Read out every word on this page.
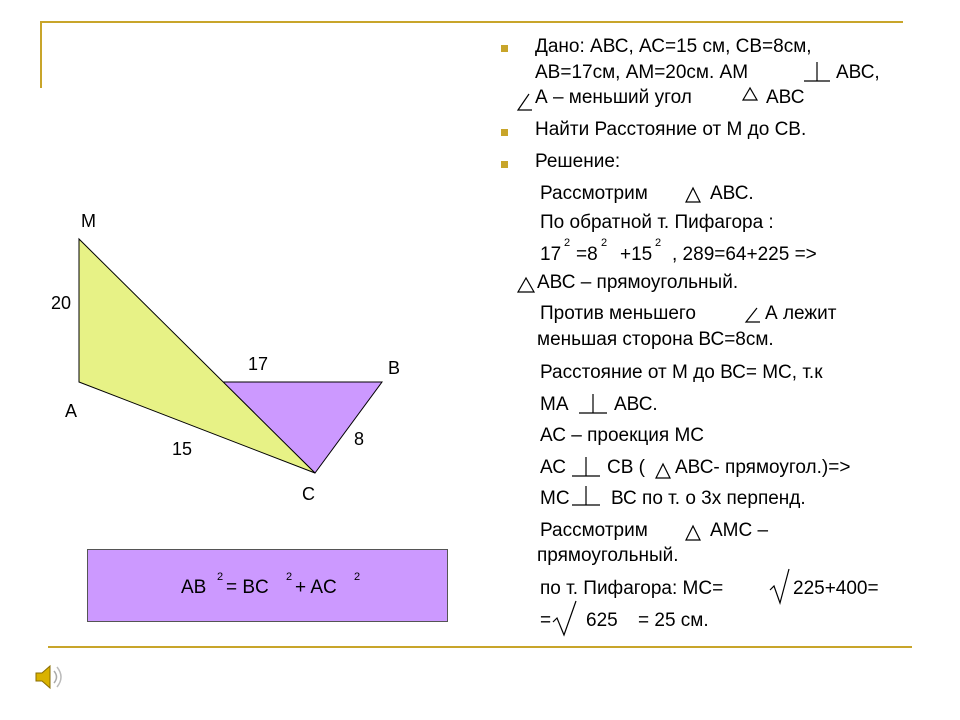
M
20
17	B
A
8
15
C
AB 2 = BC 2 + AC 2
Дано: АВС, АС=15 см, СВ=8см,
АВ=17см, АМ=20см. АМ	АВС,
А – меньший угол	АВС
Найти Расстояние от М до СВ.
Решение:
Рассмотрим	АВС.
По обратной т. Пифагора :
17
2
=8
2
+15
2
, 289=64+225 =>
АВС – прямоугольный.
Против меньшего	А лежит
меньшая сторона ВС=8см.
Расстояние от М до ВС= МС, т.к
МА АВС.
АС – проекция МС
АС СВ ( АВС- прямоугол.)=>
МС ВС по т. о 3х перпенд.
Рассмотрим	АМС –
прямоугольный.
по т. Пифагора: МС=	225+400=
= 625 = 25 см.
